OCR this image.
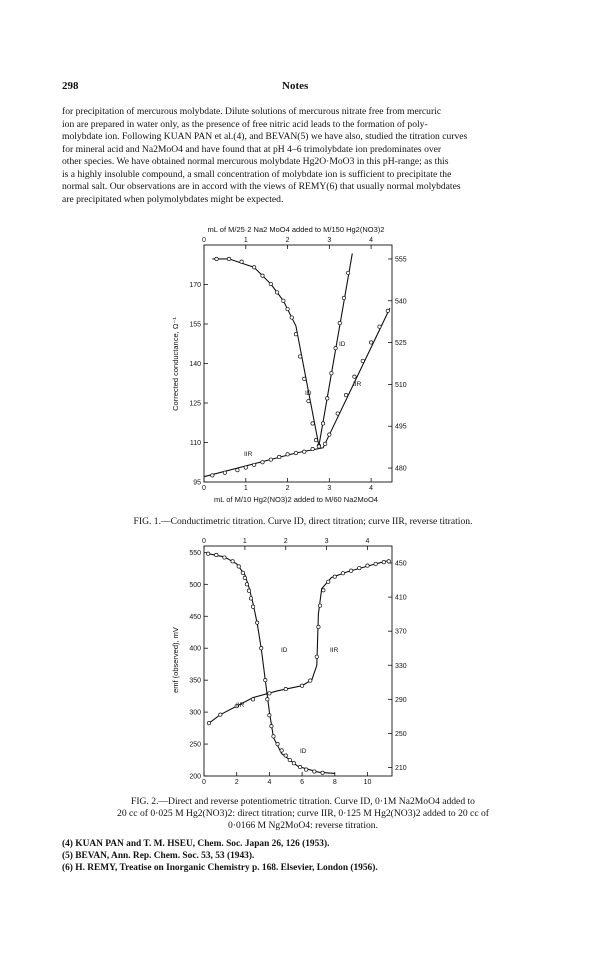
298	Notes

for precipitation of mercurous molybdate. Dilute solutions of mercurous nitrate free from mercuric

ion are prepared in water only, as the presence of free nitric acid leads to the formation of poly-

molybdate ion. Following KUAN PAN et al.(4), and BEVAN(5) we have also, studied the titration curves

for mineral acid and Na2MoO4 and have found that at pH 4–6 trimolybdate ion predominates over

other species. We have obtained normal mercurous molybdate Hg2O·MoO3 in this pH-range; as this

is a highly insoluble compound, a small concentration of molybdate ion is sufficient to precipitate the

normal salt. Our observations are in accord with the views of REMY(6) that usually normal molybdates

are precipitated when polymolybdates might be expected.

mL of M/25·2 Na2 MoO4 added to M/150 Hg2(NO3)2
mL of M/10 Hg2(NO3)2 added to M/60 Na2MoO4
Corrected conductance, Ω⁻¹
0	1	2	3	4
0	1	2	3	4
95
110
125
140
155
170
480
495
510
525
540
555
ID
IIR
ID
IIR
emf (observed), mV
0	2	4	6	8	10
0	1	2	3	4
200
250
300
350
400
450
500
550
210
250
290
330
370
410
450
ID	IIR
IIR
ID
FIG. 1.—Conductimetric titration. Curve ID, direct titration; curve IIR, reverse titration.
FIG. 2.—Direct and reverse potentiometric titration. Curve ID, 0·1M Na2MoO4 added to
20 cc of 0·025 M Hg2(NO3)2: direct titration; curve IIR, 0·125 M Hg2(NO3)2 added to 20 cc of
0·0166 M Ng2MoO4: reverse titration.
(4) KUAN PAN and T. M. HSEU, Chem. Soc. Japan 26, 126 (1953).
(5) BEVAN, Ann. Rep. Chem. Soc. 53, 53 (1943).
(6) H. REMY, Treatise on Inorganic Chemistry p. 168. Elsevier, London (1956).
